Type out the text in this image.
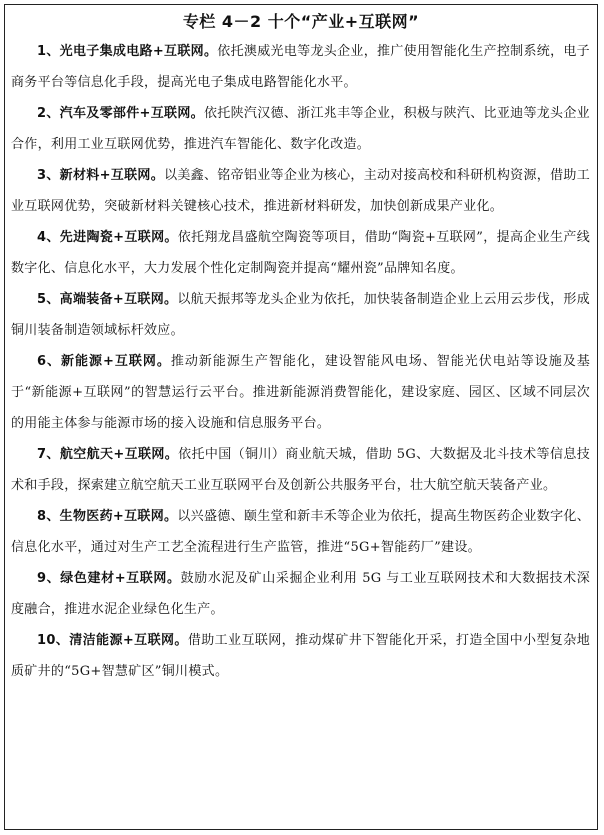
专栏 4－2 十个“产业+互联网”

1、光电子集成电路+互联网。依托澳威光电等龙头企业，推广使用智能化生产控制系统，电子商务平台等信息化手段，提高光电子集成电路智能化水平。

2、汽车及零部件+互联网。依托陕汽汉德、浙江兆丰等企业，积极与陕汽、比亚迪等龙头企业合作，利用工业互联网优势，推进汽车智能化、数字化改造。

3、新材料+互联网。以美鑫、铭帝铝业等企业为核心，主动对接高校和科研机构资源，借助工业互联网优势，突破新材料关键核心技术，推进新材料研发，加快创新成果产业化。

4、先进陶瓷+互联网。依托翔龙昌盛航空陶瓷等项目，借助“陶瓷+互联网”，提高企业生产线数字化、信息化水平，大力发展个性化定制陶瓷并提高“耀州瓷”品牌知名度。

5、高端装备+互联网。以航天振邦等龙头企业为依托，加快装备制造企业上云用云步伐，形成铜川装备制造领域标杆效应。

6、新能源+互联网。推动新能源生产智能化，建设智能风电场、智能光伏电站等设施及基于“新能源+互联网”的智慧运行云平台。推进新能源消费智能化，建设家庭、园区、区域不同层次的用能主体参与能源市场的接入设施和信息服务平台。

7、航空航天+互联网。依托中国（铜川）商业航天城，借助 5G、大数据及北斗技术等信息技术和手段，探索建立航空航天工业互联网平台及创新公共服务平台，壮大航空航天装备产业。

8、生物医药+互联网。以兴盛德、颐生堂和新丰禾等企业为依托，提高生物医药企业数字化、信息化水平，通过对生产工艺全流程进行生产监管，推进“5G+智能药厂”建设。

9、绿色建材+互联网。鼓励水泥及矿山采掘企业利用 5G 与工业互联网技术和大数据技术深度融合，推进水泥企业绿色化生产。

10、清洁能源+互联网。借助工业互联网，推动煤矿井下智能化开采，打造全国中小型复杂地质矿井的“5G+智慧矿区”铜川模式。
